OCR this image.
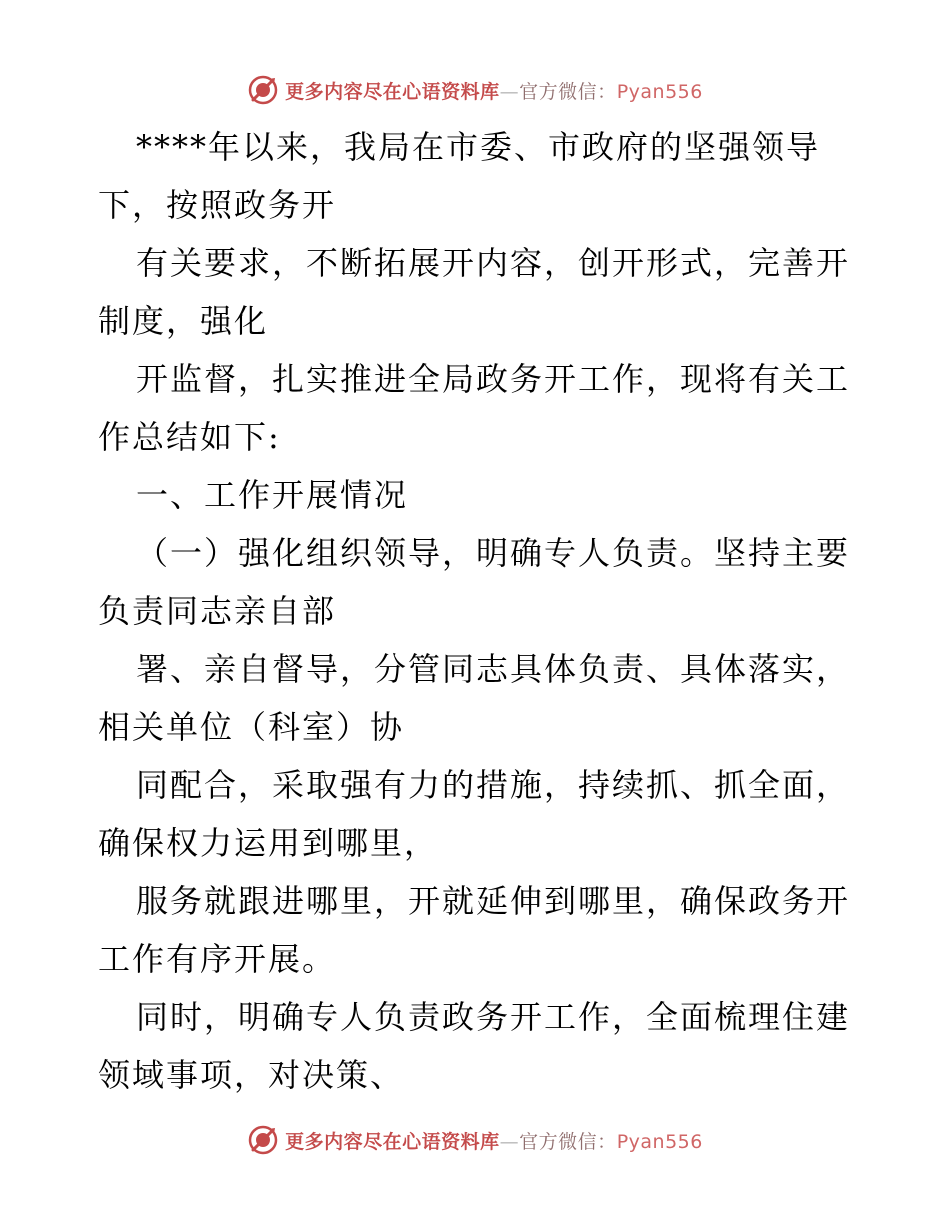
更多内容尽在心语资料库—官方微信：Pyan556
****年以来，我局在市委、市政府的坚强领导
下，按照政务开
有关要求，不断拓展开内容，创开形式，完善开
制度，强化
开监督，扎实推进全局政务开工作，现将有关工
作总结如下:
一、工作开展情况
（一）强化组织领导，明确专人负责。坚持主要
负责同志亲自部
署、亲自督导，分管同志具体负责、具体落实，
相关单位（科室）协
同配合，采取强有力的措施，持续抓、抓全面，
确保权力运用到哪里，
服务就跟进哪里，开就延伸到哪里，确保政务开
工作有序开展。
同时，明确专人负责政务开工作，全面梳理住建
领域事项，对决策、
更多内容尽在心语资料库—官方微信：Pyan556
